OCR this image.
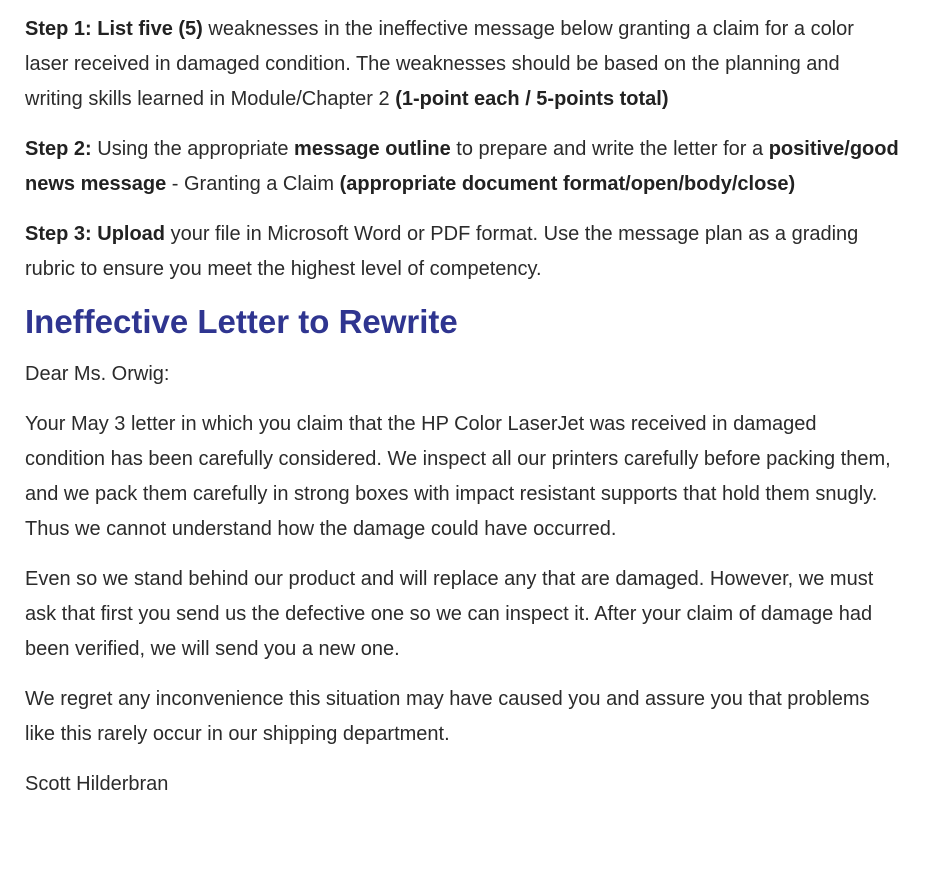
Step 1: List five (5) weaknesses in the ineffective message below granting a claim for a color laser received in damaged condition. The weaknesses should be based on the planning and writing skills learned in Module/Chapter 2 (1-point each / 5-points total)

Step 2: Using the appropriate message outline to prepare and write the letter for a positive/good news message - Granting a Claim (appropriate document format/open/body/close)

Step 3: Upload your file in Microsoft Word or PDF format. Use the message plan as a grading rubric to ensure you meet the highest level of competency.

Ineffective Letter to Rewrite

Dear Ms. Orwig:

Your May 3 letter in which you claim that the HP Color LaserJet was received in damaged condition has been carefully considered. We inspect all our printers carefully before packing them, and we pack them carefully in strong boxes with impact resistant supports that hold them snugly. Thus we cannot understand how the damage could have occurred.

Even so we stand behind our product and will replace any that are damaged. However, we must ask that first you send us the defective one so we can inspect it. After your claim of damage had been verified, we will send you a new one.

We regret any inconvenience this situation may have caused you and assure you that problems like this rarely occur in our shipping department.

Scott Hilderbran
